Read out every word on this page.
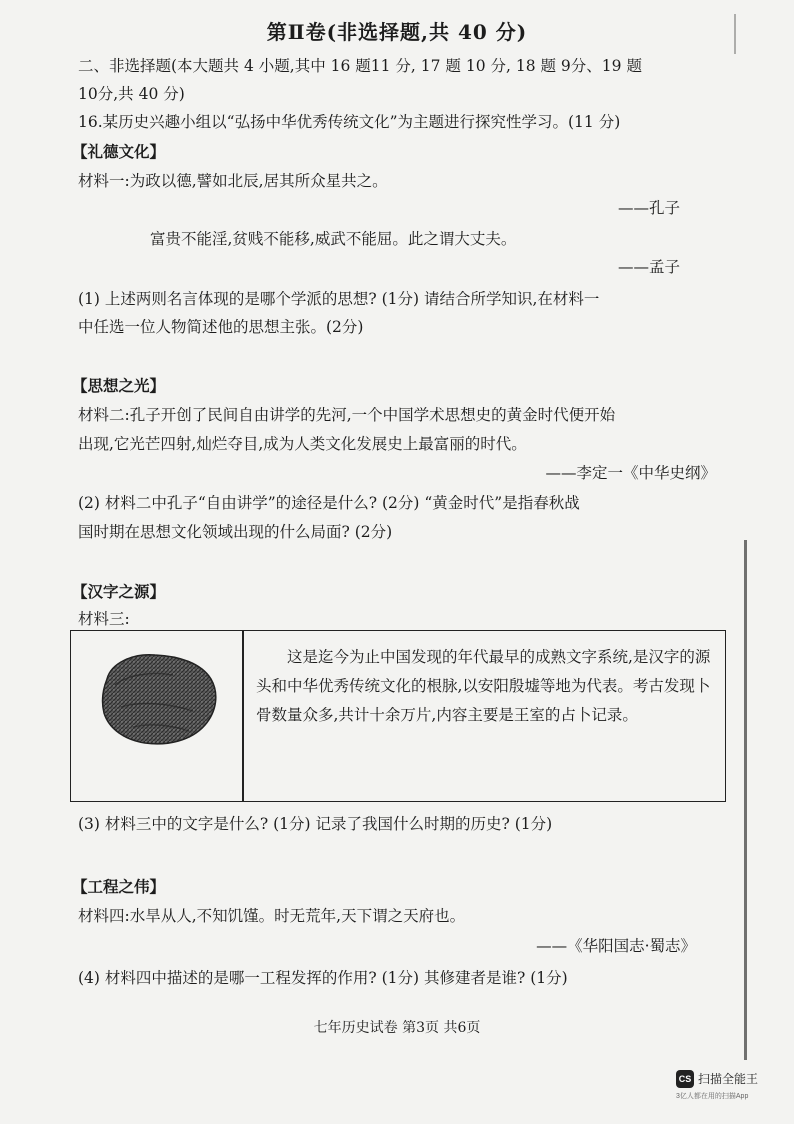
第Ⅱ卷(非选择题,共 40 分)
二、非选择题(本大题共 4 小题,其中 16 题11 分, 17 题 10 分, 18 题 9分、19 题
10分,共 40 分)
16.某历史兴趣小组以“弘扬中华优秀传统文化”为主题进行探究性学习。(11 分)
【礼德文化】
材料一:为政以德,譬如北辰,居其所众星共之。
——孔子
富贵不能淫,贫贱不能移,威武不能屈。此之谓大丈夫。
——孟子
(1) 上述两则名言体现的是哪个学派的思想? (1分) 请结合所学知识,在材料一
中任选一位人物简述他的思想主张。(2分)
【思想之光】
材料二:孔子开创了民间自由讲学的先河,一个中国学术思想史的黄金时代便开始
出现,它光芒四射,灿烂夺目,成为人类文化发展史上最富丽的时代。
——李定一《中华史纲》
(2) 材料二中孔子“自由讲学”的途径是什么? (2分) “黄金时代”是指春秋战
国时期在思想文化领域出现的什么局面? (2分)
【汉字之源】
材料三:
这是迄今为止中国发现的年代最早的成熟文字系统,是汉字的源头和中华优秀传统文化的根脉,以安阳殷墟等地为代表。考古发现卜骨数量众多,共计十余万片,内容主要是王室的占卜记录。
(3) 材料三中的文字是什么? (1分) 记录了我国什么时期的历史? (1分)
【工程之伟】
材料四:水旱从人,不知饥馑。时无荒年,天下谓之天府也。
——《华阳国志·蜀志》
(4) 材料四中描述的是哪一工程发挥的作用? (1分) 其修建者是谁? (1分)
七年历史试卷 第3页 共6页
CS 扫描全能王
3亿人都在用的扫描App
